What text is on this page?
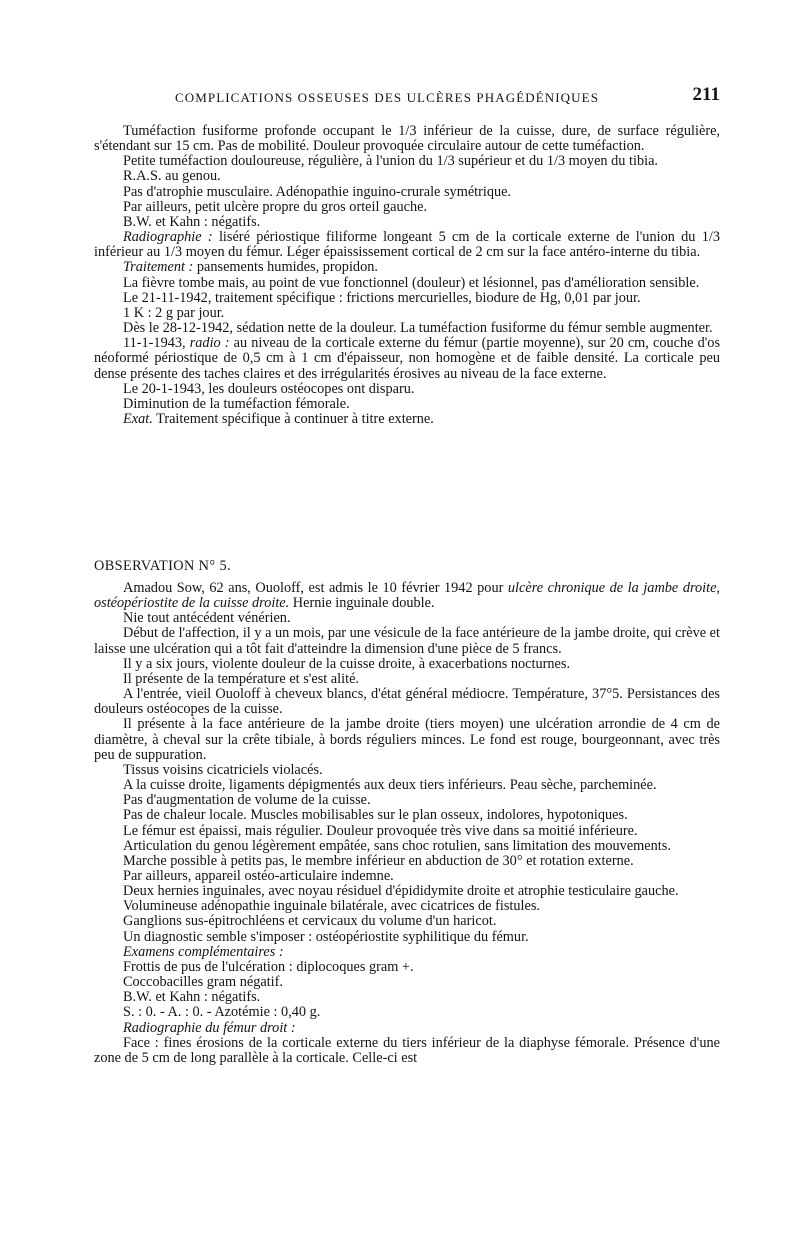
COMPLICATIONS OSSEUSES DES ULCÈRES PHAGÉDÉNIQUES	211

Tuméfaction fusiforme profonde occupant le 1/3 inférieur de la cuisse, dure, de surface régulière, s'étendant sur 15 cm. Pas de mobilité. Douleur provoquée circulaire autour de cette tuméfaction.

Petite tuméfaction douloureuse, régulière, à l'union du 1/3 supérieur et du 1/3 moyen du tibia.

R.A.S. au genou.

Pas d'atrophie musculaire. Adénopathie inguino-crurale symétrique.

Par ailleurs, petit ulcère propre du gros orteil gauche.

B.W. et Kahn : négatifs.

Radiographie : liséré périostique filiforme longeant 5 cm de la corticale externe de l'union du 1/3 inférieur au 1/3 moyen du fémur. Léger épaississement cortical de 2 cm sur la face antéro-interne du tibia.

Traitement : pansements humides, propidon.

La fièvre tombe mais, au point de vue fonctionnel (douleur) et lésionnel, pas d'amélioration sensible.

Le 21-11-1942, traitement spécifique : frictions mercurielles, biodure de Hg, 0,01 par jour.

1 K : 2 g par jour.

Dès le 28-12-1942, sédation nette de la douleur. La tuméfaction fusiforme du fémur semble augmenter.

11-1-1943, radio : au niveau de la corticale externe du fémur (partie moyenne), sur 20 cm, couche d'os néoformé périostique de 0,5 cm à 1 cm d'épaisseur, non homogène et de faible densité. La corticale peu dense présente des taches claires et des irrégularités érosives au niveau de la face externe.

Le 20-1-1943, les douleurs ostéocopes ont disparu.

Diminution de la tuméfaction fémorale.

Exat. Traitement spécifique à continuer à titre externe.

OBSERVATION N° 5.

Amadou Sow, 62 ans, Ouoloff, est admis le 10 février 1942 pour ulcère chronique de la jambe droite, ostéopériostite de la cuisse droite. Hernie inguinale double.

Nie tout antécédent vénérien.

Début de l'affection, il y a un mois, par une vésicule de la face antérieure de la jambe droite, qui crève et laisse une ulcération qui a tôt fait d'atteindre la dimension d'une pièce de 5 francs.

Il y a six jours, violente douleur de la cuisse droite, à exacerbations nocturnes.

Il présente de la température et s'est alité.

A l'entrée, vieil Ouoloff à cheveux blancs, d'état général médiocre. Température, 37°5. Persistances des douleurs ostéocopes de la cuisse.

Il présente à la face antérieure de la jambe droite (tiers moyen) une ulcération arrondie de 4 cm de diamètre, à cheval sur la crête tibiale, à bords réguliers minces. Le fond est rouge, bourgeonnant, avec très peu de suppuration.

Tissus voisins cicatriciels violacés.

A la cuisse droite, ligaments dépigmentés aux deux tiers inférieurs. Peau sèche, parcheminée.

Pas d'augmentation de volume de la cuisse.

Pas de chaleur locale. Muscles mobilisables sur le plan osseux, indolores, hypotoniques.

Le fémur est épaissi, mais régulier. Douleur provoquée très vive dans sa moitié inférieure.

Articulation du genou légèrement empâtée, sans choc rotulien, sans limitation des mouvements.

Marche possible à petits pas, le membre inférieur en abduction de 30° et rotation externe.

Par ailleurs, appareil ostéo-articulaire indemne.

Deux hernies inguinales, avec noyau résiduel d'épididymite droite et atrophie testiculaire gauche.

Volumineuse adénopathie inguinale bilatérale, avec cicatrices de fistules.

Ganglions sus-épitrochléens et cervicaux du volume d'un haricot.

Un diagnostic semble s'imposer : ostéopériostite syphilitique du fémur.

Examens complémentaires :

Frottis de pus de l'ulcération : diplocoques gram +.

Coccobacilles gram négatif.

B.W. et Kahn : négatifs.

S. : 0. - A. : 0. - Azotémie : 0,40 g.

Radiographie du fémur droit :

Face : fines érosions de la corticale externe du tiers inférieur de la diaphyse fémorale. Présence d'une zone de 5 cm de long parallèle à la corticale. Celle-ci est
